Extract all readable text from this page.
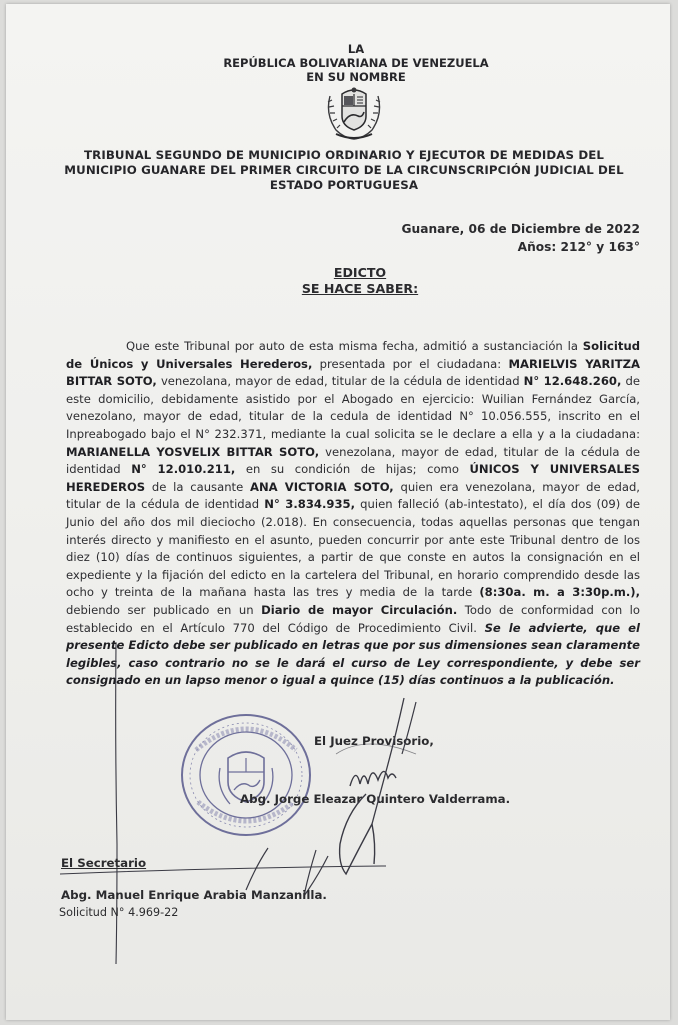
LA
REPÚBLICA BOLIVARIANA DE VENEZUELA
EN SU NOMBRE
TRIBUNAL SEGUNDO DE MUNICIPIO ORDINARIO Y EJECUTOR DE MEDIDAS DEL
MUNICIPIO GUANARE DEL PRIMER CIRCUITO DE LA CIRCUNSCRIPCIÓN JUDICIAL DEL
ESTADO PORTUGUESA
Guanare, 06 de Diciembre de 2022
Años: 212° y 163°
EDICTO
SE HACE SABER:
Que este Tribunal por auto de esta misma fecha, admitió a sustanciación la Solicitud de Únicos y Universales Herederos, presentada por el ciudadana: MARIELVIS YARITZA BITTAR SOTO, venezolana, mayor de edad, titular de la cédula de identidad N° 12.648.260, de este domicilio, debidamente asistido por el Abogado en ejercicio: Wuilian Fernández García, venezolano, mayor de edad, titular de la cedula de identidad N° 10.056.555, inscrito en el Inpreabogado bajo el N° 232.371, mediante la cual solicita se le declare a ella y a la ciudadana: MARIANELLA YOSVELIX BITTAR SOTO, venezolana, mayor de edad, titular de la cédula de identidad N° 12.010.211, en su condición de hijas; como ÚNICOS Y UNIVERSALES HEREDEROS de la causante ANA VICTORIA SOTO, quien era venezolana, mayor de edad, titular de la cédula de identidad N° 3.834.935, quien falleció (ab-intestato), el día dos (09) de Junio del año dos mil dieciocho (2.018). En consecuencia, todas aquellas personas que tengan interés directo y manifiesto en el asunto, pueden concurrir por ante este Tribunal dentro de los diez (10) días de continuos siguientes, a partir de que conste en autos la consignación en el expediente y la fijación del edicto en la cartelera del Tribunal, en horario comprendido desde las ocho y treinta de la mañana hasta las tres y media de la tarde (8:30a. m. a 3:30p.m.), debiendo ser publicado en un Diario de mayor Circulación. Todo de conformidad con lo establecido en el Artículo 770 del Código de Procedimiento Civil. Se le advierte, que el presente Edicto debe ser publicado en letras que por sus dimensiones sean claramente legibles, caso contrario no se le dará el curso de Ley correspondiente, y debe ser consignado en un lapso menor o igual a quince (15) días continuos a la publicación.
El Juez Provisorio,
Abg. Jorge Eleazar Quintero Valderrama.
El Secretario
Abg. Manuel Enrique Arabia Manzanilla.
Solicitud N° 4.969-22
